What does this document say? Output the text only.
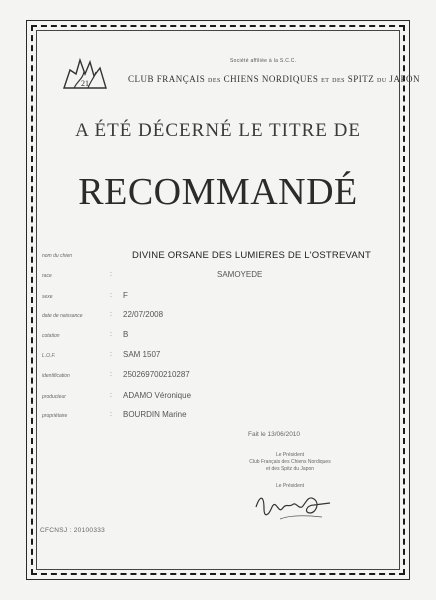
21
Société affiliée à la S.C.C.
CLUB FRANÇAIS des CHIENS NORDIQUES et des SPITZ du JAPON
A ÉTÉ DÉCERNÉ LE TITRE DE
RECOMMANDÉ
nom du chien	DIVINE ORSANE DES LUMIERES DE L'OSTREVANT
race	:	SAMOYEDE
sexe	: F
date de naissance	: 22/07/2008
cotation	: B
L.O.F.	: SAM 1507
identification	: 250269700210287
producteur	: ADAMO Véronique
propriétaire	: BOURDIN Marine
Fait le 13/06/2010
Le Président
Club Français des Chiens Nordiques
et des Spitz du Japon
Le Président
CFCNSJ : 20100333
